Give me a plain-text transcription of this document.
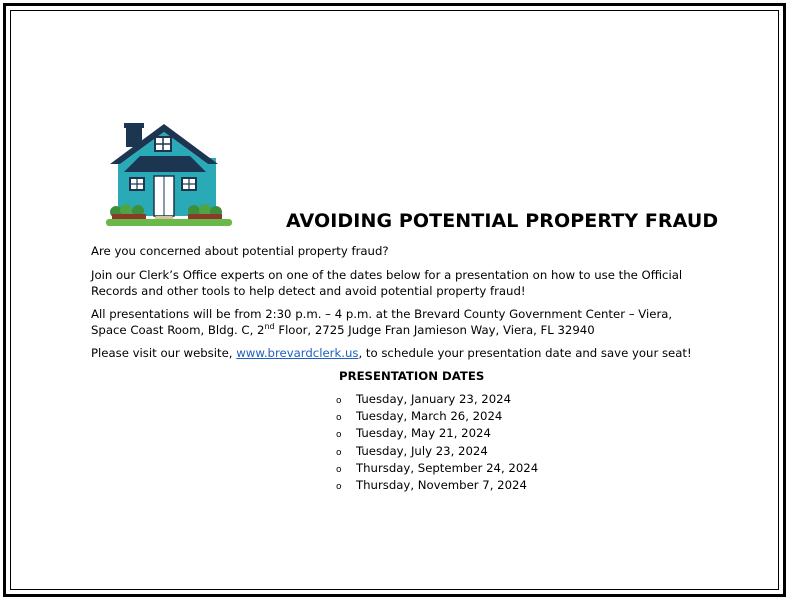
AVOIDING POTENTIAL PROPERTY FRAUD
Are you concerned about potential property fraud?
Join our Clerk’s Office experts on one of the dates below for a presentation on how to use the Official Records and other tools to help detect and avoid potential property fraud!
All presentations will be from 2:30 p.m. – 4 p.m. at the Brevard County Government Center – Viera, Space Coast Room, Bldg. C, 2nd Floor, 2725 Judge Fran Jamieson Way, Viera, FL 32940
Please visit our website, www.brevardclerk.us, to schedule your presentation date and save your seat!
PRESENTATION DATES
o Tuesday, January 23, 2024
o Tuesday, March 26, 2024
o Tuesday, May 21, 2024
o Tuesday, July 23, 2024
o Thursday, September 24, 2024
o Thursday, November 7, 2024
